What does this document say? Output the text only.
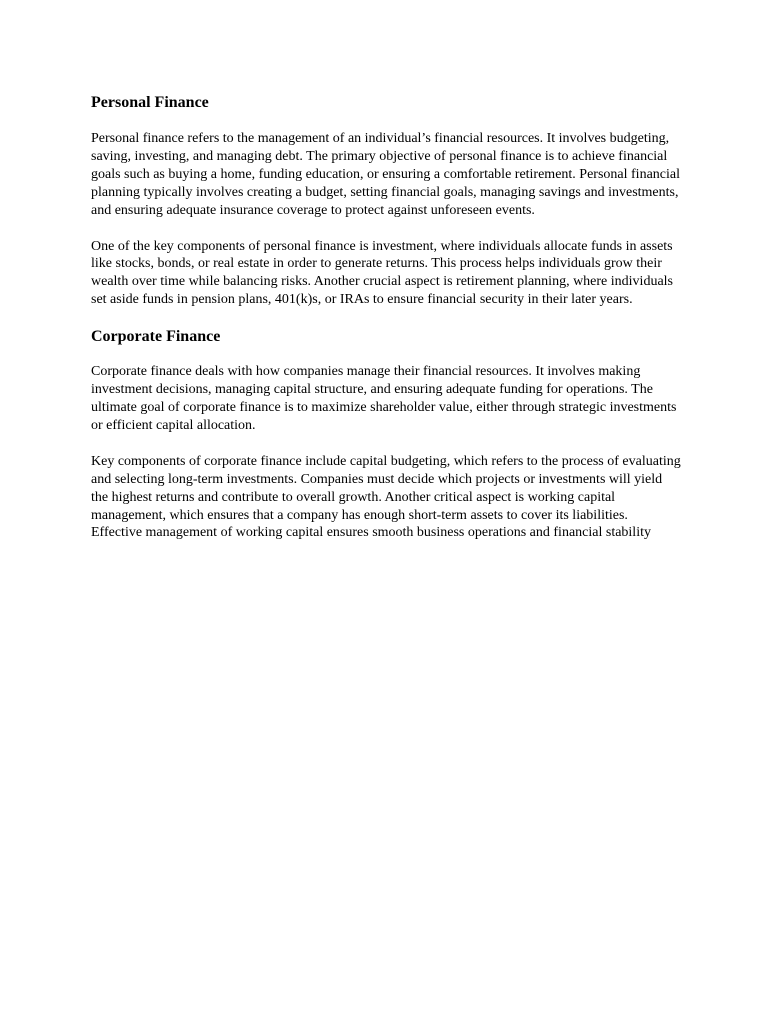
Personal Finance

Personal finance refers to the management of an individual’s financial resources. It involves budgeting, saving, investing, and managing debt. The primary objective of personal finance is to achieve financial goals such as buying a home, funding education, or ensuring a comfortable retirement. Personal financial planning typically involves creating a budget, setting financial goals, managing savings and investments, and ensuring adequate insurance coverage to protect against unforeseen events.

One of the key components of personal finance is investment, where individuals allocate funds in assets like stocks, bonds, or real estate in order to generate returns. This process helps individuals grow their wealth over time while balancing risks. Another crucial aspect is retirement planning, where individuals set aside funds in pension plans, 401(k)s, or IRAs to ensure financial security in their later years.

Corporate Finance

Corporate finance deals with how companies manage their financial resources. It involves making investment decisions, managing capital structure, and ensuring adequate funding for operations. The ultimate goal of corporate finance is to maximize shareholder value, either through strategic investments or efficient capital allocation.

Key components of corporate finance include capital budgeting, which refers to the process of evaluating and selecting long-term investments. Companies must decide which projects or investments will yield the highest returns and contribute to overall growth. Another critical aspect is working capital management, which ensures that a company has enough short-term assets to cover its liabilities. Effective management of working capital ensures smooth business operations and financial stability
